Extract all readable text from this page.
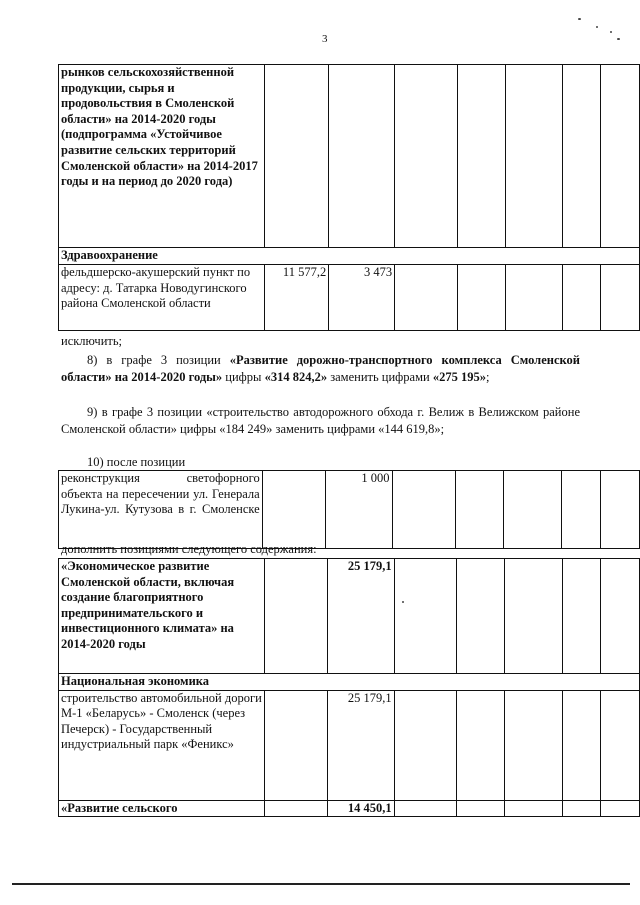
3
рынков сельскохозяйственной продукции, сырья и продовольствия в Смоленской области» на 2014-2020 годы (подпрограмма «Устойчивое развитие сельских территорий Смоленской области» на 2014-2017 годы и на период до 2020 года)							
Здравоохранение							
фельдшерско-акушерский пункт по адресу: д. Татарка Новодугинского района Смоленской области	11 577,2	3 473					
исключить;
8) в графе 3 позиции «Развитие дорожно-транспортного комплекса Смоленской области» на 2014-2020 годы» цифры «314 824,2» заменить цифрами «275 195»;
9) в графе 3 позиции «строительство автодорожного обхода г. Велиж в Велижском районе Смоленской области» цифры «184 249» заменить цифрами «144 619,8»;
10) после позиции
реконструкция светофорного объекта на пересечении ул. Генерала Лукина-ул. Кутузова в г. Смоленске		1 000					
дополнить позициями следующего содержания:
«Экономическое развитие Смоленской области, включая создание благоприятного предпринимательского и инвестиционного климата» на 2014-2020 годы		25 179,1					
Национальная экономика							
строительство автомобильной дороги М-1 «Беларусь» - Смоленск (через Печерск) - Государственный индустриальный парк «Феникс»		25 179,1					
«Развитие сельского		14 450,1					
